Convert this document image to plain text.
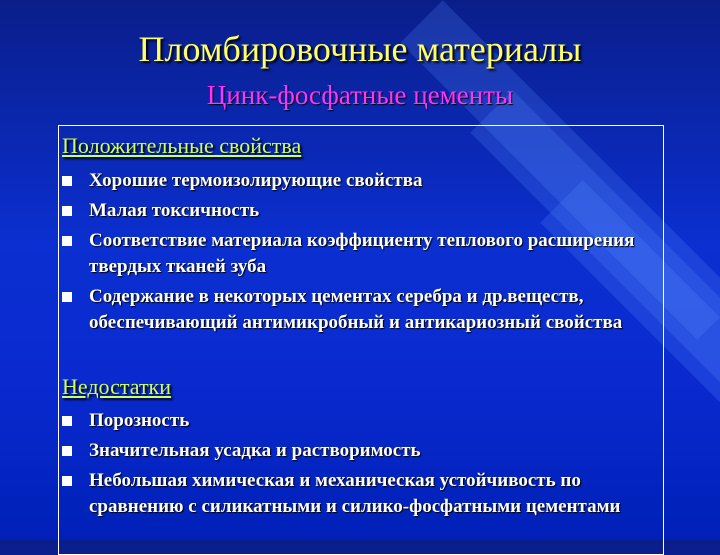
Пломбировочные материалы
Цинк-фосфатные цементы
Положительные свойства
Хорошие термоизолирующие свойства
Малая токсичность
Соответствие материала коэффициенту теплового расширения твердых тканей зуба
Содержание в некоторых цементах серебра и др.веществ, обеспечивающий антимикробный и антикариозный свойства
Недостатки
Порозность
Значительная усадка и растворимость
Небольшая химическая и механическая устойчивость по сравнению с силикатными и силико-фосфатными цементами
